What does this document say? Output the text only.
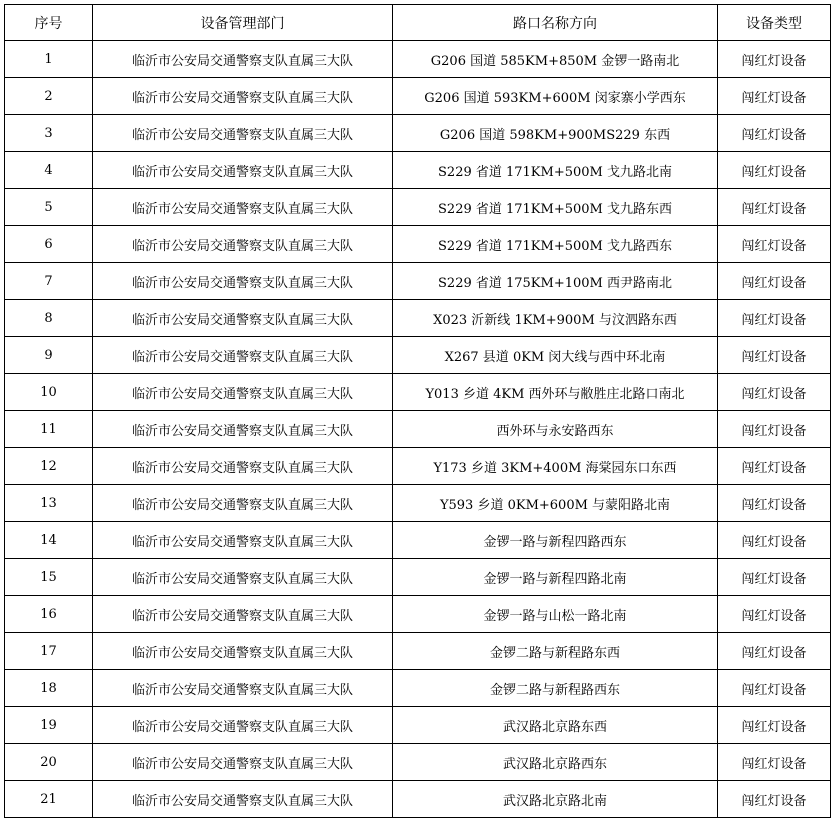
序号	设备管理部门	路口名称方向	设备类型
1	临沂市公安局交通警察支队直属三大队	G206 国道 585KM+850M 金锣一路南北	闯红灯设备
2	临沂市公安局交通警察支队直属三大队	G206 国道 593KM+600M 闵家寨小学西东	闯红灯设备
3	临沂市公安局交通警察支队直属三大队	G206 国道 598KM+900MS229 东西	闯红灯设备
4	临沂市公安局交通警察支队直属三大队	S229 省道 171KM+500M 戈九路北南	闯红灯设备
5	临沂市公安局交通警察支队直属三大队	S229 省道 171KM+500M 戈九路东西	闯红灯设备
6	临沂市公安局交通警察支队直属三大队	S229 省道 171KM+500M 戈九路西东	闯红灯设备
7	临沂市公安局交通警察支队直属三大队	S229 省道 175KM+100M 西尹路南北	闯红灯设备
8	临沂市公安局交通警察支队直属三大队	X023 沂新线 1KM+900M 与汶泗路东西	闯红灯设备
9	临沂市公安局交通警察支队直属三大队	X267 县道 0KM 闵大线与西中环北南	闯红灯设备
10	临沂市公安局交通警察支队直属三大队	Y013 乡道 4KM 西外环与敝胜庄北路口南北	闯红灯设备
11	临沂市公安局交通警察支队直属三大队	西外环与永安路西东	闯红灯设备
12	临沂市公安局交通警察支队直属三大队	Y173 乡道 3KM+400M 海棠园东口东西	闯红灯设备
13	临沂市公安局交通警察支队直属三大队	Y593 乡道 0KM+600M 与蒙阳路北南	闯红灯设备
14	临沂市公安局交通警察支队直属三大队	金锣一路与新程四路西东	闯红灯设备
15	临沂市公安局交通警察支队直属三大队	金锣一路与新程四路北南	闯红灯设备
16	临沂市公安局交通警察支队直属三大队	金锣一路与山松一路北南	闯红灯设备
17	临沂市公安局交通警察支队直属三大队	金锣二路与新程路东西	闯红灯设备
18	临沂市公安局交通警察支队直属三大队	金锣二路与新程路西东	闯红灯设备
19	临沂市公安局交通警察支队直属三大队	武汉路北京路东西	闯红灯设备
20	临沂市公安局交通警察支队直属三大队	武汉路北京路西东	闯红灯设备
21	临沂市公安局交通警察支队直属三大队	武汉路北京路北南	闯红灯设备
